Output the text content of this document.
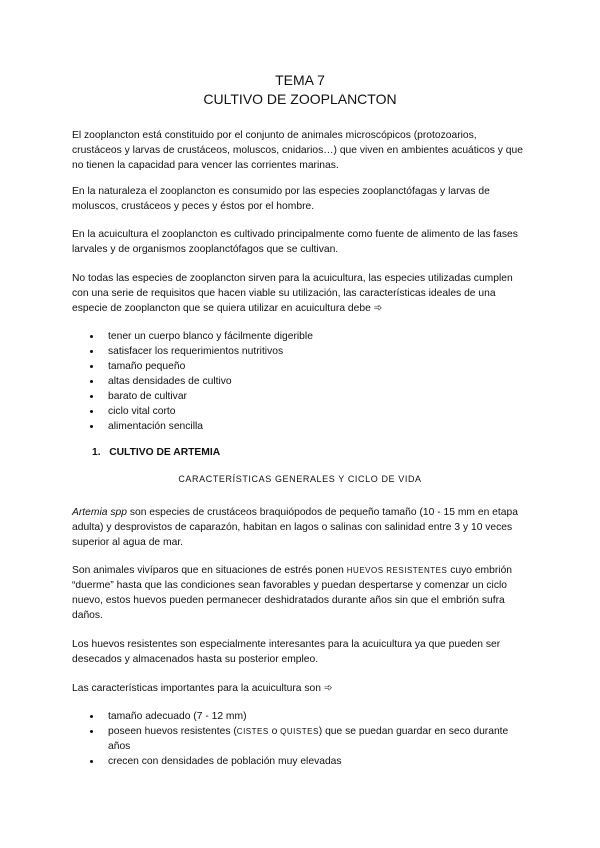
TEMA 7
CULTIVO DE ZOOPLANCTON

El zooplancton está constituido por el conjunto de animales microscópicos (protozoarios, crustáceos y larvas de crustáceos, moluscos, cnidarios…) que viven en ambientes acuáticos y que no tienen la capacidad para vencer las corrientes marinas.

En la naturaleza el zooplancton es consumido por las especies zooplanctófagas y larvas de moluscos, crustáceos y peces y éstos por el hombre.

En la acuicultura el zooplancton es cultivado principalmente como fuente de alimento de las fases larvales y de organismos zooplanctófagos que se cultivan.

No todas las especies de zooplancton sirven para la acuicultura, las especies utilizadas cumplen con una serie de requisitos que hacen viable su utilización, las características ideales de una especie de zooplancton que se quiera utilizar en acuicultura debe ➾

tener un cuerpo blanco y fácilmente digerible
satisfacer los requerimientos nutritivos
tamaño pequeño
altas densidades de cultivo
barato de cultivar
ciclo vital corto
alimentación sencilla
1. CULTIVO DE ARTEMIA
CARACTERÍSTICAS GENERALES Y CICLO DE VIDA

Artemia spp son especies de crustáceos braquiópodos de pequeño tamaño (10 - 15 mm en etapa adulta) y desprovistos de caparazón, habitan en lagos o salinas con salinidad entre 3 y 10 veces superior al agua de mar.

Son animales vivíparos que en situaciones de estrés ponen HUEVOS RESISTENTES cuyo embrión “duerme” hasta que las condiciones sean favorables y puedan despertarse y comenzar un ciclo nuevo, estos huevos pueden permanecer deshidratados durante años sin que el embrión sufra daños.

Los huevos resistentes son especialmente interesantes para la acuicultura ya que pueden ser desecados y almacenados hasta su posterior empleo.

Las características importantes para la acuicultura son ➾

tamaño adecuado (7 - 12 mm)
poseen huevos resistentes (CISTES o QUISTES) que se puedan guardar en seco durante años
crecen con densidades de población muy elevadas
